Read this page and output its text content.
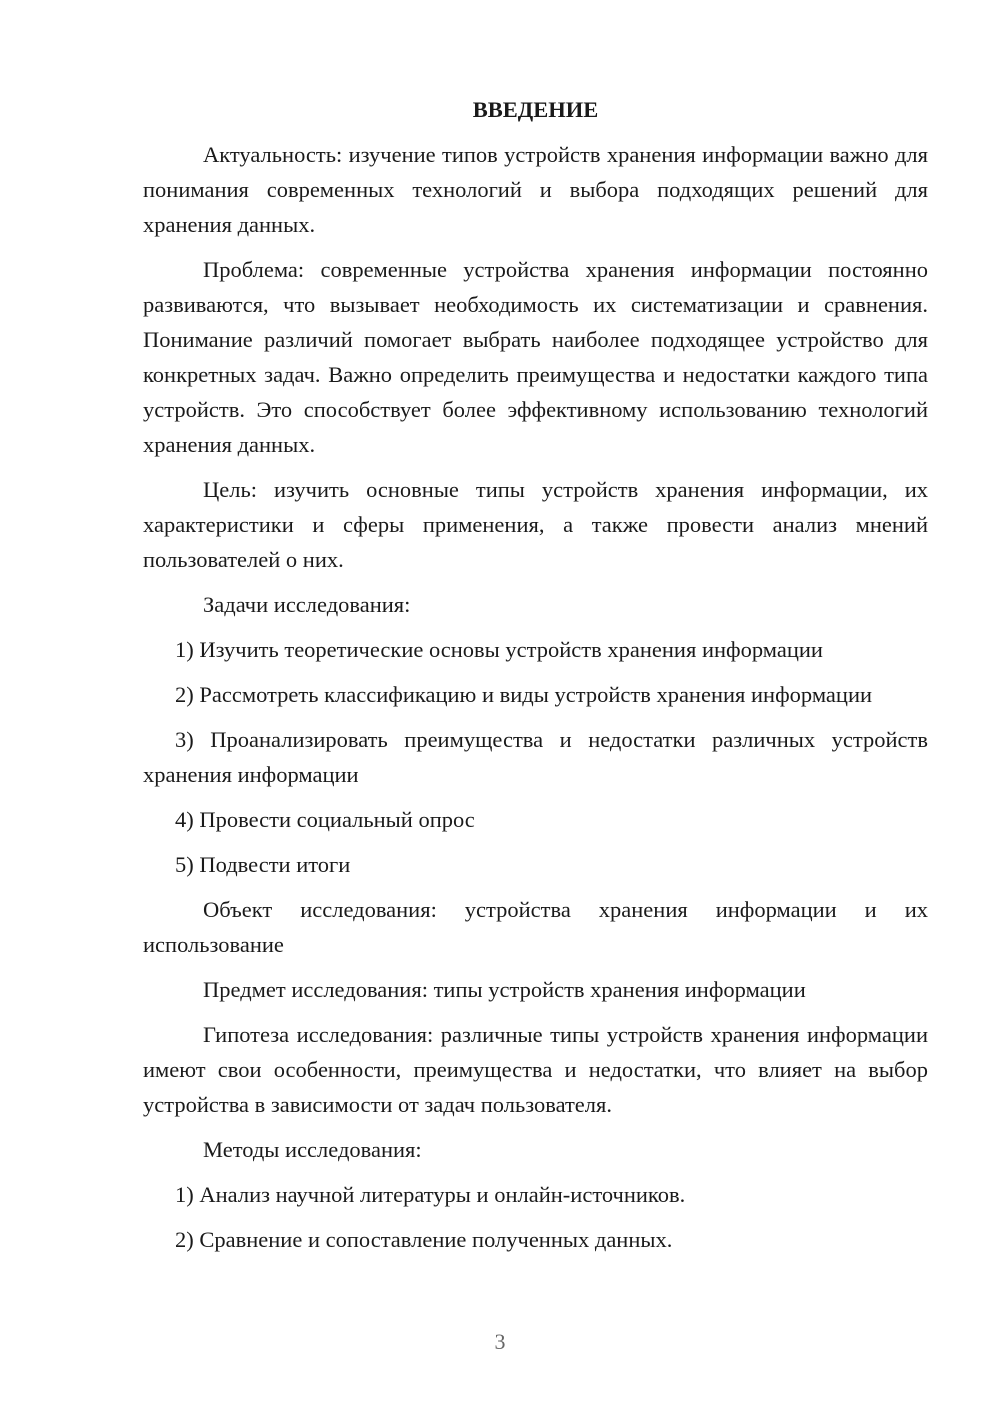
ВВЕДЕНИЕ

Актуальность: изучение типов устройств хранения информации важно для понимания современных технологий и выбора подходящих решений для хранения данных.

Проблема: современные устройства хранения информации постоянно развиваются, что вызывает необходимость их систематизации и сравнения. Понимание различий помогает выбрать наиболее подходящее устройство для конкретных задач. Важно определить преимущества и недостатки каждого типа устройств. Это способствует более эффективному использованию технологий хранения данных.

Цель: изучить основные типы устройств хранения информации, их характеристики и сферы применения, а также провести анализ мнений пользователей о них.

Задачи исследования:

1) Изучить теоретические основы устройств хранения информации

2) Рассмотреть классификацию и виды устройств хранения информации

3) Проанализировать преимущества и недостатки различных устройств хранения информации

4) Провести социальный опрос

5) Подвести итоги

Объект исследования: устройства хранения информации и их использование

Предмет исследования: типы устройств хранения информации

Гипотеза исследования: различные типы устройств хранения информации имеют свои особенности, преимущества и недостатки, что влияет на выбор устройства в зависимости от задач пользователя.

Методы исследования:

1) Анализ научной литературы и онлайн-источников.

2) Сравнение и сопоставление полученных данных.

3
